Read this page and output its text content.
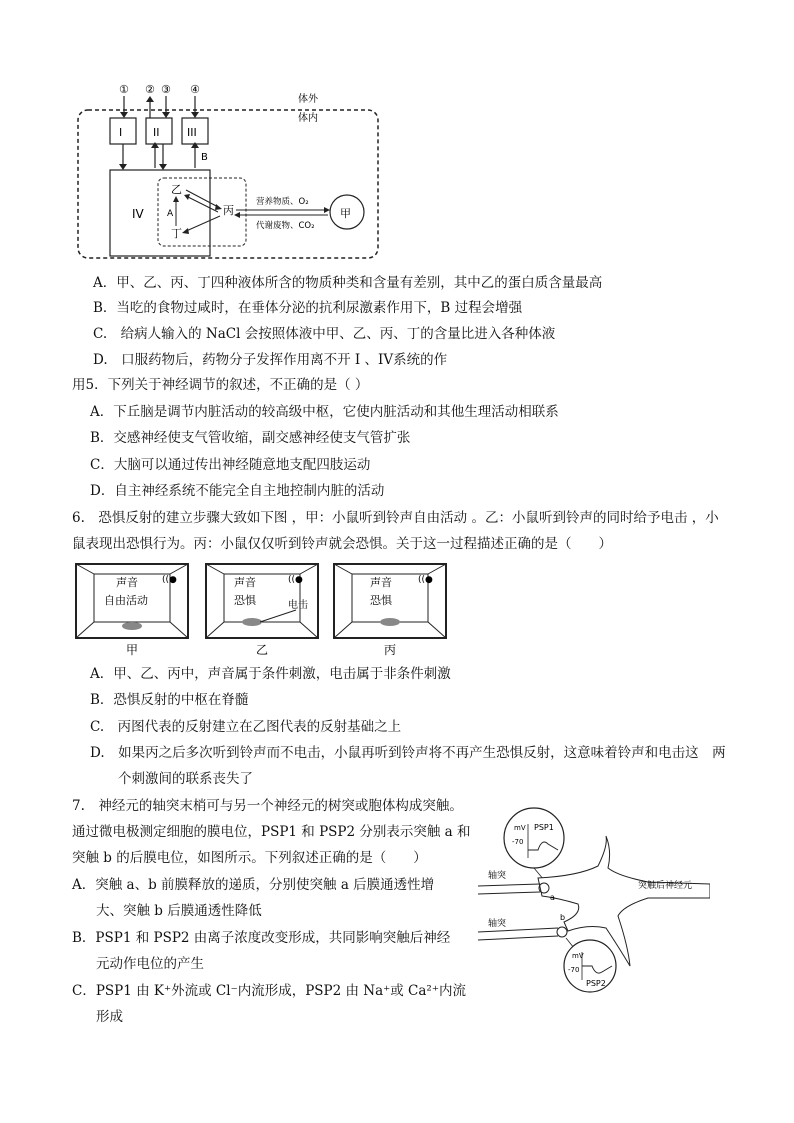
体外
体内
① ② ③ ④
I	II	III
B
IV
乙
丙
丁
A
营养物质、O₂
代谢废物、CO₂
甲
A．甲、乙、丙、丁四种液体所含的物质种类和含量有差别，其中乙的蛋白质含量最高
B．当吃的食物过咸时，在垂体分泌的抗利尿激素作用下，B 过程会增强
C.　给病人输入的 NaCl 会按照体液中甲、乙、丙、丁的含量比进入各种体液
D.　口服药物后，药物分子发挥作用离不开 I 、IV系统的作
用5．下列关于神经调节的叙述，不正确的是（ ）
A．下丘脑是调节内脏活动的较高级中枢，它使内脏活动和其他生理活动相联系
B．交感神经使支气管收缩，副交感神经使支气管扩张
C．大脑可以通过传出神经随意地支配四肢运动
D．自主神经系统不能完全自主地控制内脏的活动
6.　恐惧反射的建立步骤大致如下图 ，甲：小鼠听到铃声自由活动 。乙：小鼠听到铃声的同时给予电击 ，小
鼠表现出恐惧行为。丙：小鼠仅仅听到铃声就会恐惧。关于这一过程描述正确的是（　　）
声音
自由活动
((●
甲
声音
恐惧	电击
((●
乙
声音
恐惧
((●
丙
A．甲、乙、丙中，声音属于条件刺激，电击属于非条件刺激
B．恐惧反射的中枢在脊髓
C.　丙图代表的反射建立在乙图代表的反射基础之上
D.　如果丙之后多次听到铃声而不电击，小鼠再听到铃声将不再产生恐惧反射，这意味着铃声和电击这　两
个刺激间的联系丧失了
7.　神经元的轴突末梢可与另一个神经元的树突或胞体构成突触。
通过微电极测定细胞的膜电位，PSP1 和 PSP2 分别表示突触 a 和
突触 b 的后膜电位，如图所示。下列叙述正确的是（　　）
A．突触 a、b 前膜释放的递质，分别使突触 a 后膜通透性增
大、突触 b 后膜通透性降低
B．PSP1 和 PSP2 由离子浓度改变形成，共同影响突触后神经
元动作电位的产生
C．PSP1 由 K⁺外流或 Cl⁻内流形成，PSP2 由 Na⁺或 Ca²⁺内流
形成
PSP1
mV
-70
突触后神经元
轴突
a
轴突
b
mV
-70
PSP2
